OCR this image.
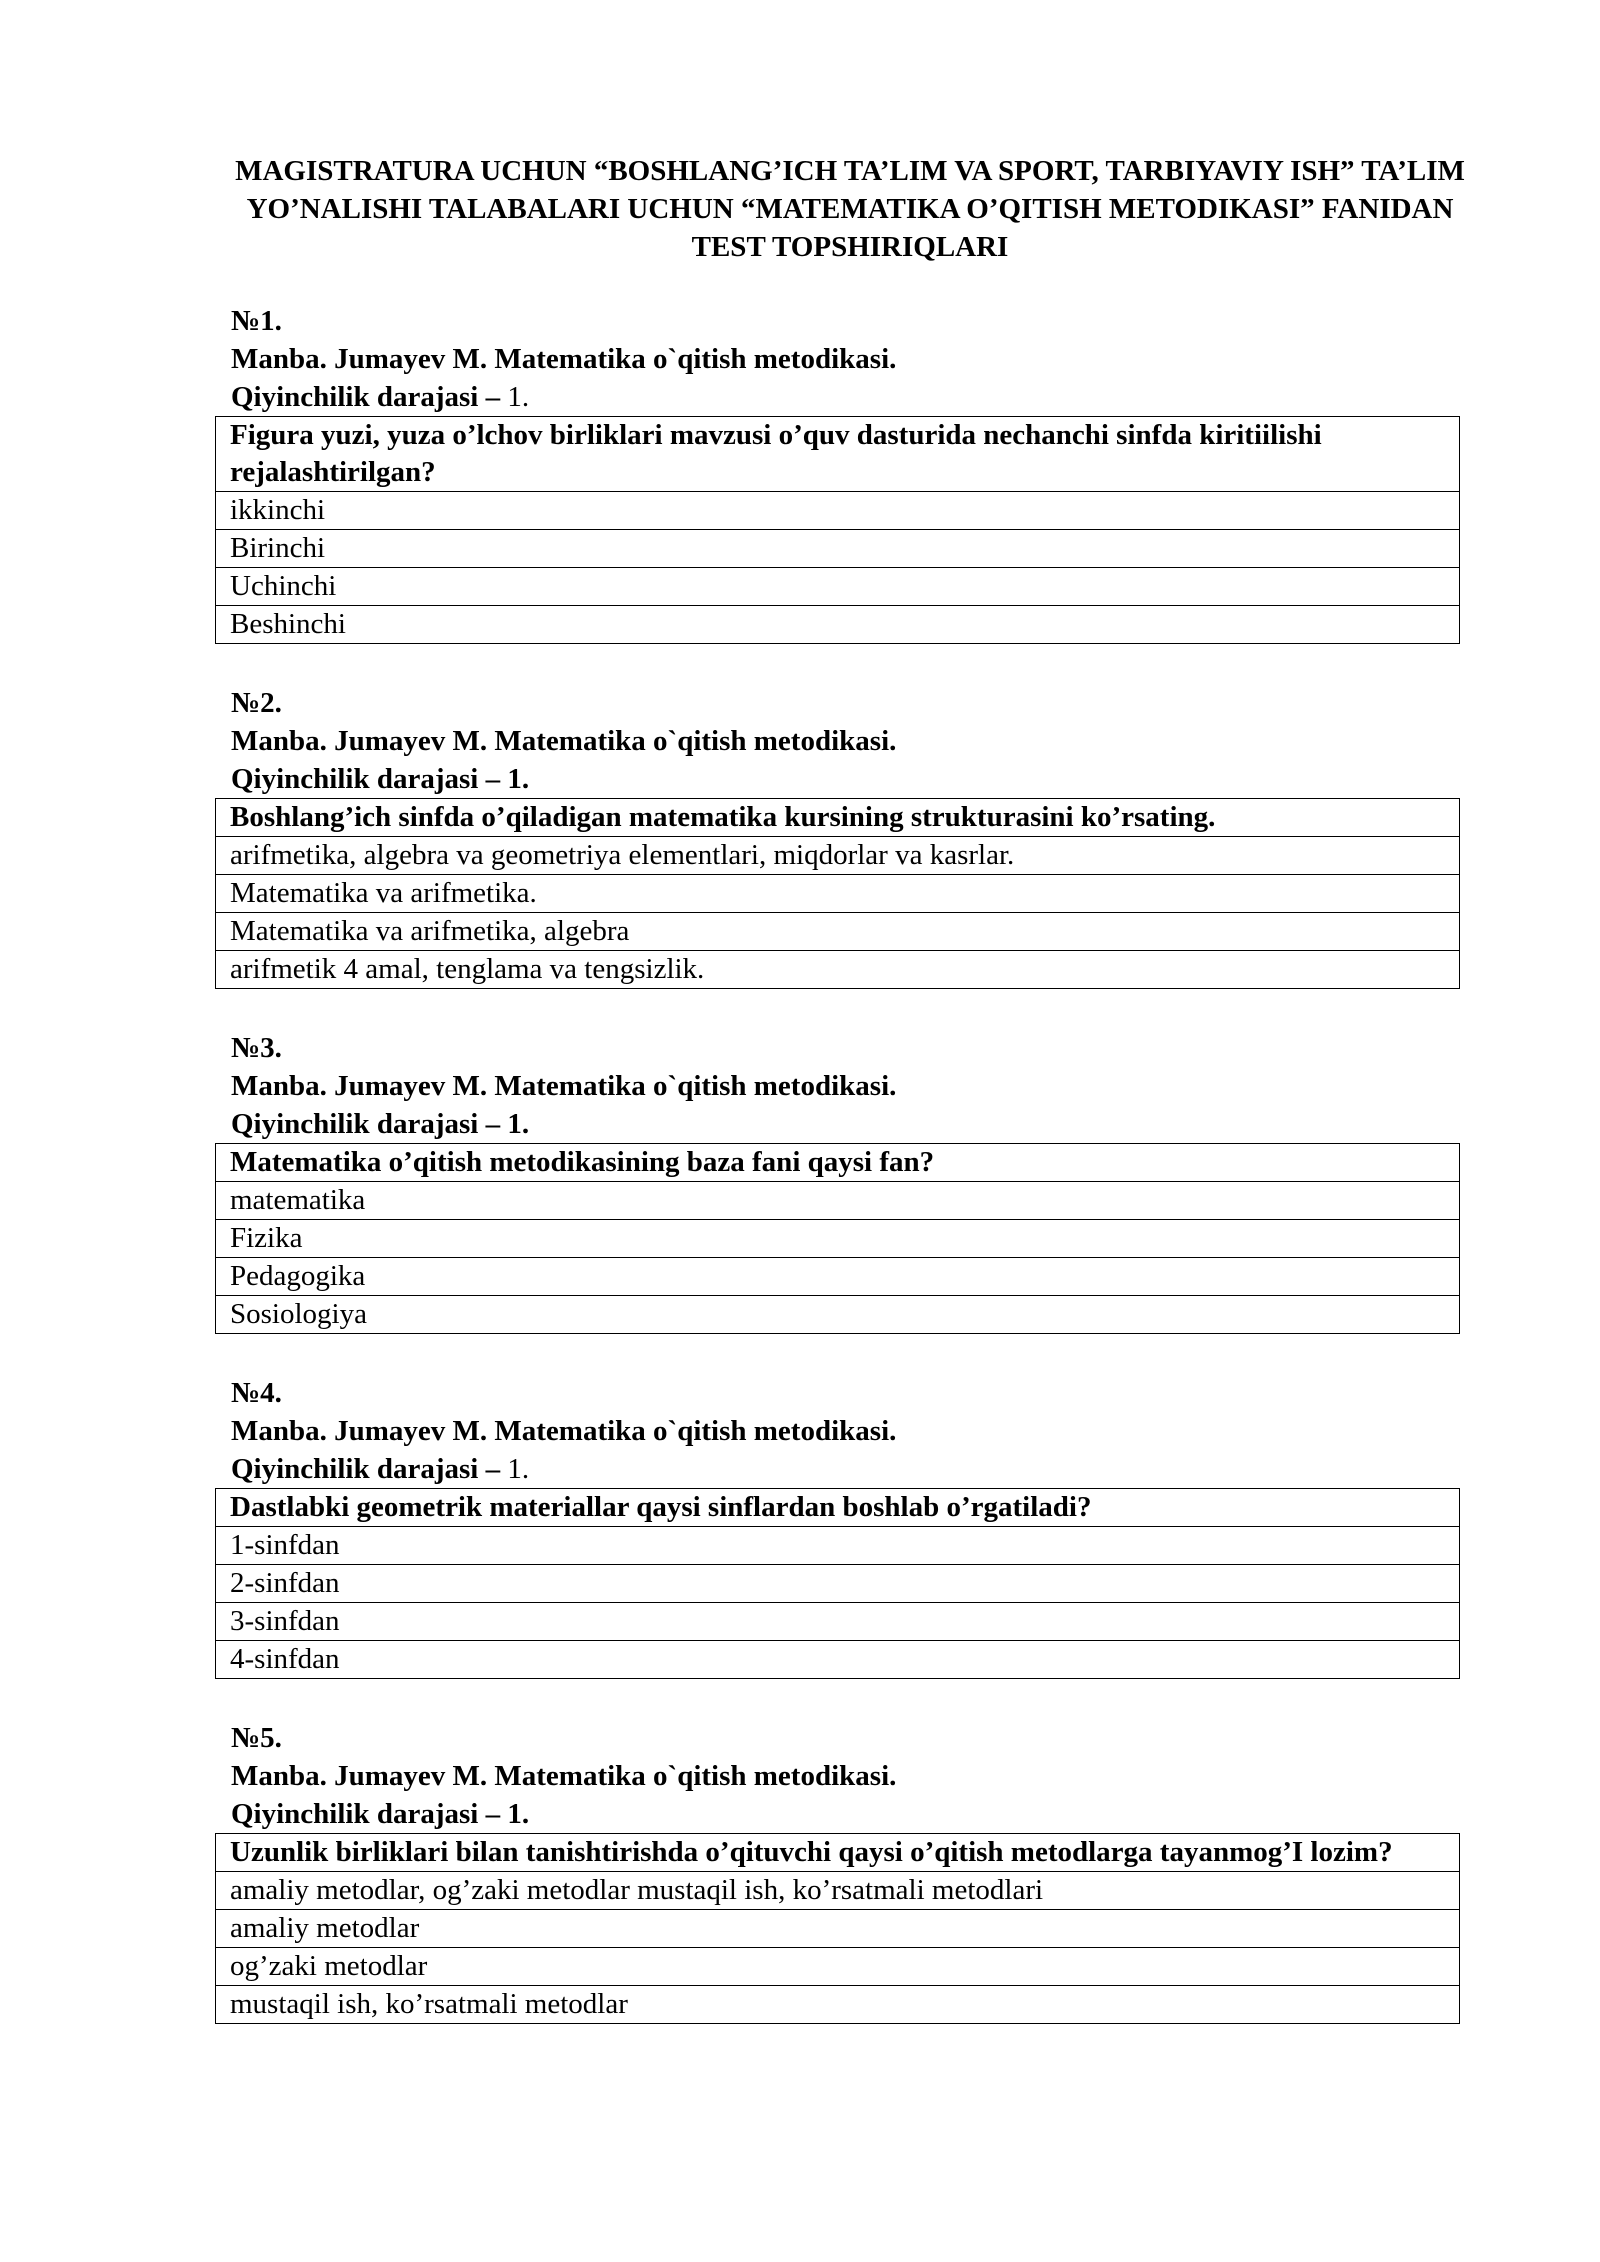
MAGISTRATURA UCHUN “BOSHLANG’ICH TA’LIM VA SPORT, TARBIYAVIY ISH” TA’LIM YO’NALISHI TALABALARI UCHUN “MATEMATIKA O’QITISH METODIKASI” FANIDAN TEST TOPSHIRIQLARI
№1.
Manba. Jumayev M. Matematika o`qitish metodikasi.
Qiyinchilik darajasi – 1.
Figura yuzi, yuza o’lchov birliklari mavzusi o’quv dasturida nechanchi sinfda kiritiilishi rejalashtirilgan?
ikkinchi
Birinchi
Uchinchi
Beshinchi
№2.
Manba. Jumayev M. Matematika o`qitish metodikasi.
Qiyinchilik darajasi – 1.
Boshlang’ich sinfda o’qiladigan matematika kursining strukturasini ko’rsating.
arifmetika, algebra va geometriya elementlari, miqdorlar va kasrlar.
Matematika va arifmetika.
Matematika va arifmetika, algebra
arifmetik 4 amal, tenglama va tengsizlik.
№3.
Manba. Jumayev M. Matematika o`qitish metodikasi.
Qiyinchilik darajasi – 1.
Matematika o’qitish metodikasining baza fani qaysi fan?
matematika
Fizika
Pedagogika
Sosiologiya
№4.
Manba. Jumayev M. Matematika o`qitish metodikasi.
Qiyinchilik darajasi – 1.
Dastlabki geometrik materiallar qaysi sinflardan boshlab o’rgatiladi?
1-sinfdan
2-sinfdan
3-sinfdan
4-sinfdan
№5.
Manba. Jumayev M. Matematika o`qitish metodikasi.
Qiyinchilik darajasi – 1.
Uzunlik birliklari bilan tanishtirishda o’qituvchi qaysi o’qitish metodlarga tayanmog’I lozim?
amaliy metodlar, og’zaki metodlar mustaqil ish, ko’rsatmali metodlari
amaliy metodlar
og’zaki metodlar
mustaqil ish, ko’rsatmali metodlar
